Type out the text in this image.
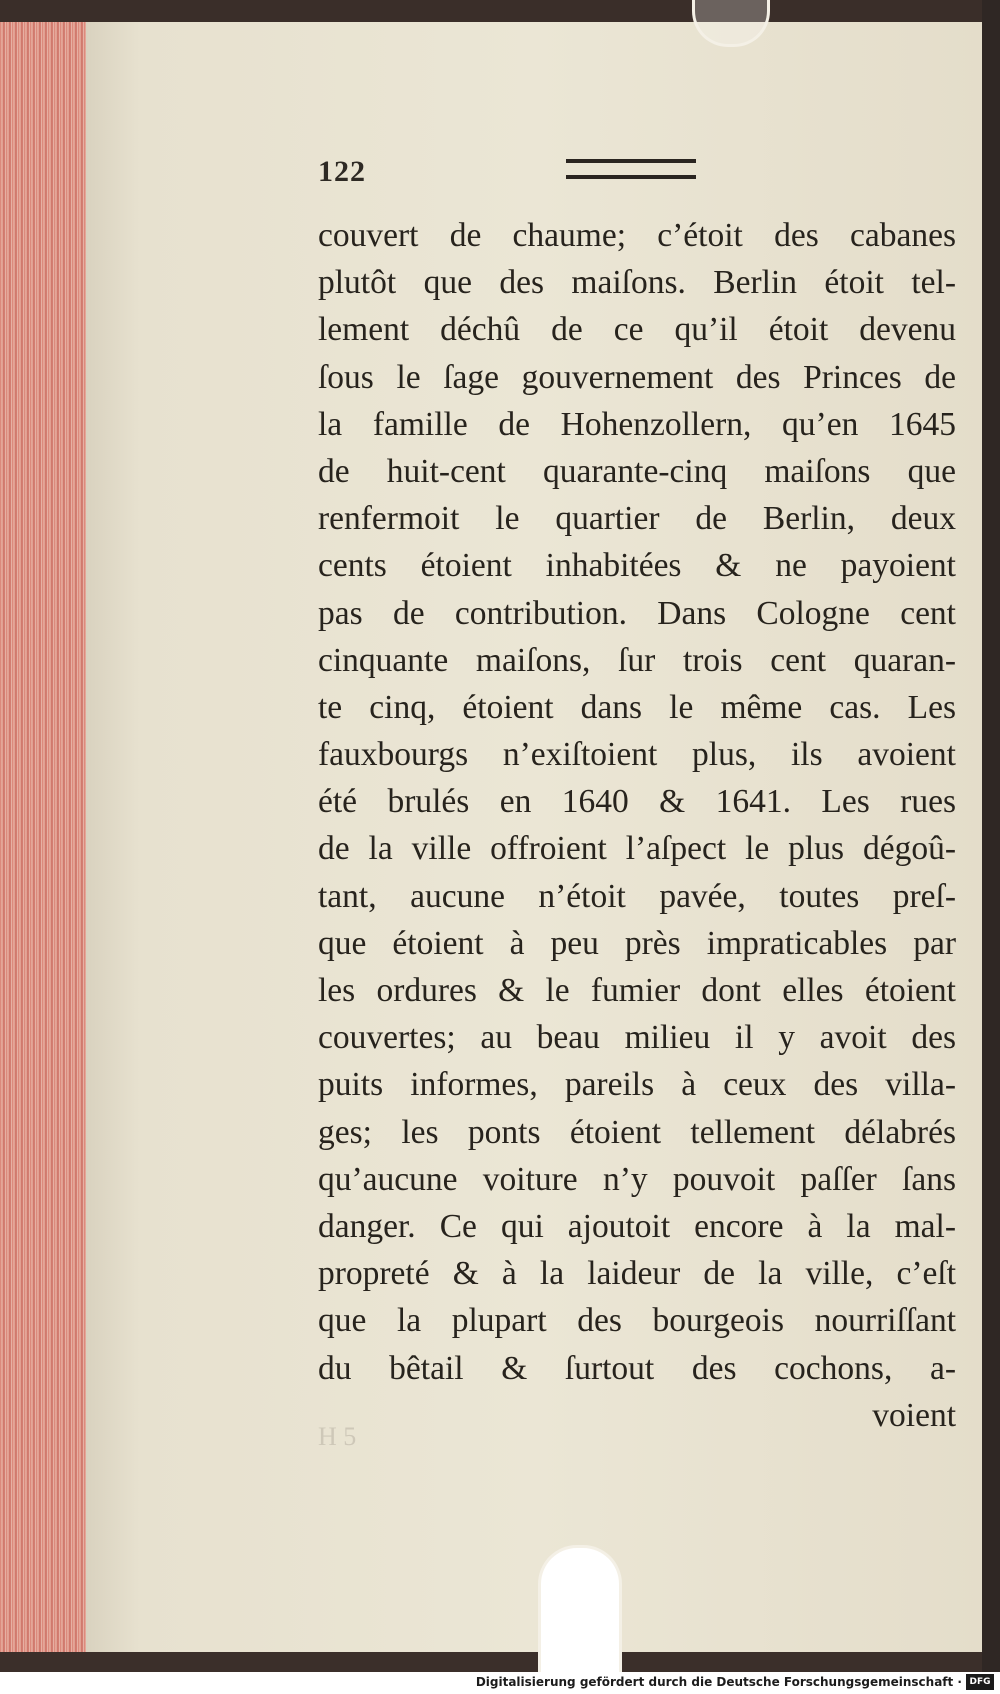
122
couvert de chaume; c’étoit des cabanes
plutôt que des maiſons. Berlin étoit tel-
lement déchû de ce qu’il étoit devenu
ſous le ſage gouvernement des Princes de
la famille de Hohenzollern, qu’en 1645
de huit-cent quarante-cinq maiſons que
renfermoit le quartier de Berlin, deux
cents étoient inhabitées & ne payoient
pas de contribution. Dans Cologne cent
cinquante maiſons, ſur trois cent quaran-
te cinq, étoient dans le même cas. Les
fauxbourgs n’exiſtoient plus, ils avoient
été brulés en 1640 & 1641. Les rues
de la ville offroient l’aſpect le plus dégoû-
tant, aucune n’étoit pavée, toutes preſ-
que étoient à peu près impraticables par
les ordures & le fumier dont elles étoient
couvertes; au beau milieu il y avoit des
puits informes, pareils à ceux des villa-
ges; les ponts étoient tellement délabrés
qu’aucune voiture n’y pouvoit paſſer ſans
danger. Ce qui ajoutoit encore à la mal-
propreté & à la laideur de la ville, c’eſt
que la plupart des bourgeois nourriſſant
du bêtail & ſurtout des cochons, a-
voient
H 5
Digitalisierung gefördert durch die Deutsche Forschungsgemeinschaft · DFG
